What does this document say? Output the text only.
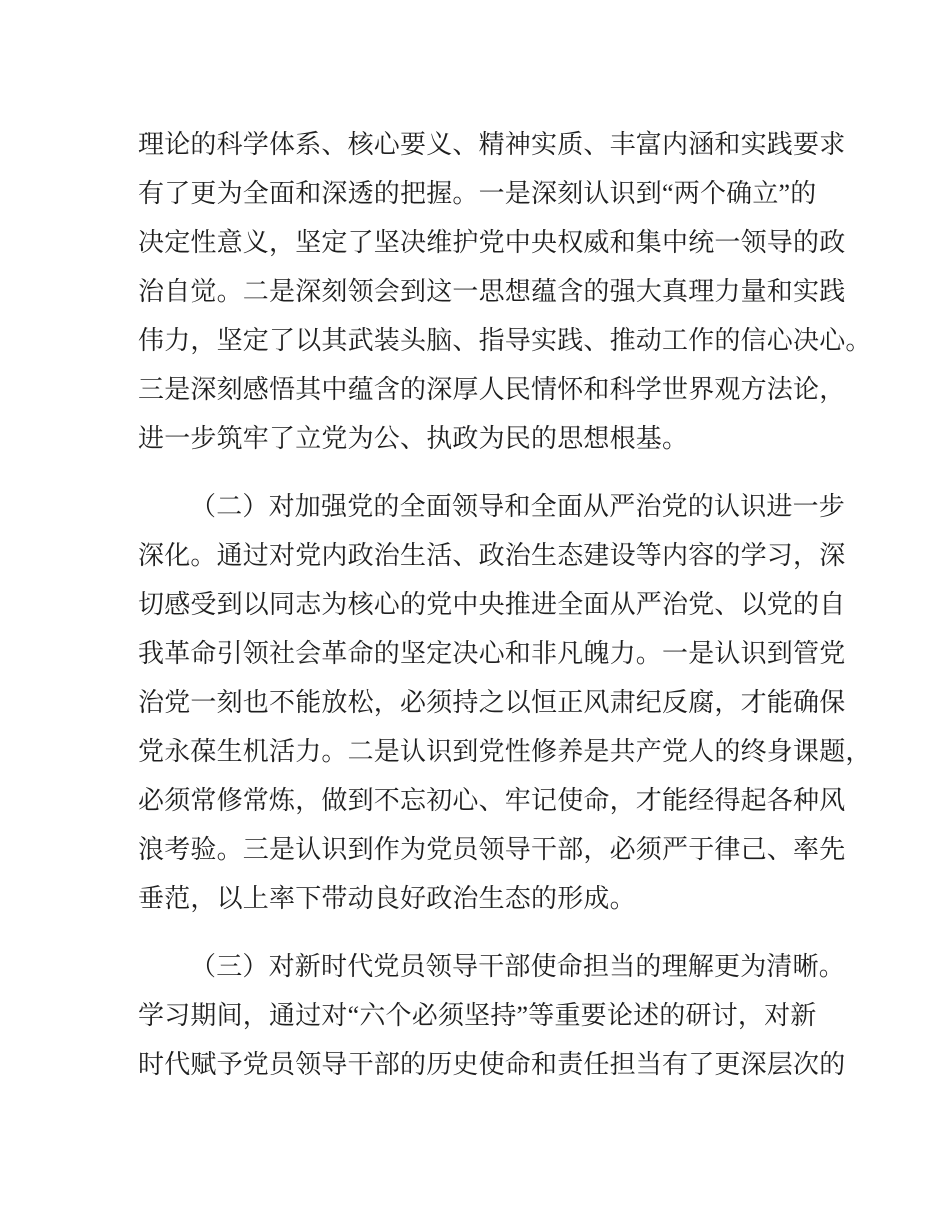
理论的科学体系、核心要义、精神实质、丰富内涵和实践要求
有了更为全面和深透的把握。一是深刻认识到“两个确立”的
决定性意义，坚定了坚决维护党中央权威和集中统一领导的政
治自觉。二是深刻领会到这一思想蕴含的强大真理力量和实践
伟力，坚定了以其武装头脑、指导实践、推动工作的信心决心。
三是深刻感悟其中蕴含的深厚人民情怀和科学世界观方法论，
进一步筑牢了立党为公、执政为民的思想根基。
（二）对加强党的全面领导和全面从严治党的认识进一步
深化。通过对党内政治生活、政治生态建设等内容的学习，深
切感受到以同志为核心的党中央推进全面从严治党、以党的自
我革命引领社会革命的坚定决心和非凡魄力。一是认识到管党
治党一刻也不能放松，必须持之以恒正风肃纪反腐，才能确保
党永葆生机活力。二是认识到党性修养是共产党人的终身课题，
必须常修常炼，做到不忘初心、牢记使命，才能经得起各种风
浪考验。三是认识到作为党员领导干部，必须严于律己、率先
垂范，以上率下带动良好政治生态的形成。
（三）对新时代党员领导干部使命担当的理解更为清晰。
学习期间，通过对“六个必须坚持”等重要论述的研讨，对新
时代赋予党员领导干部的历史使命和责任担当有了更深层次的
